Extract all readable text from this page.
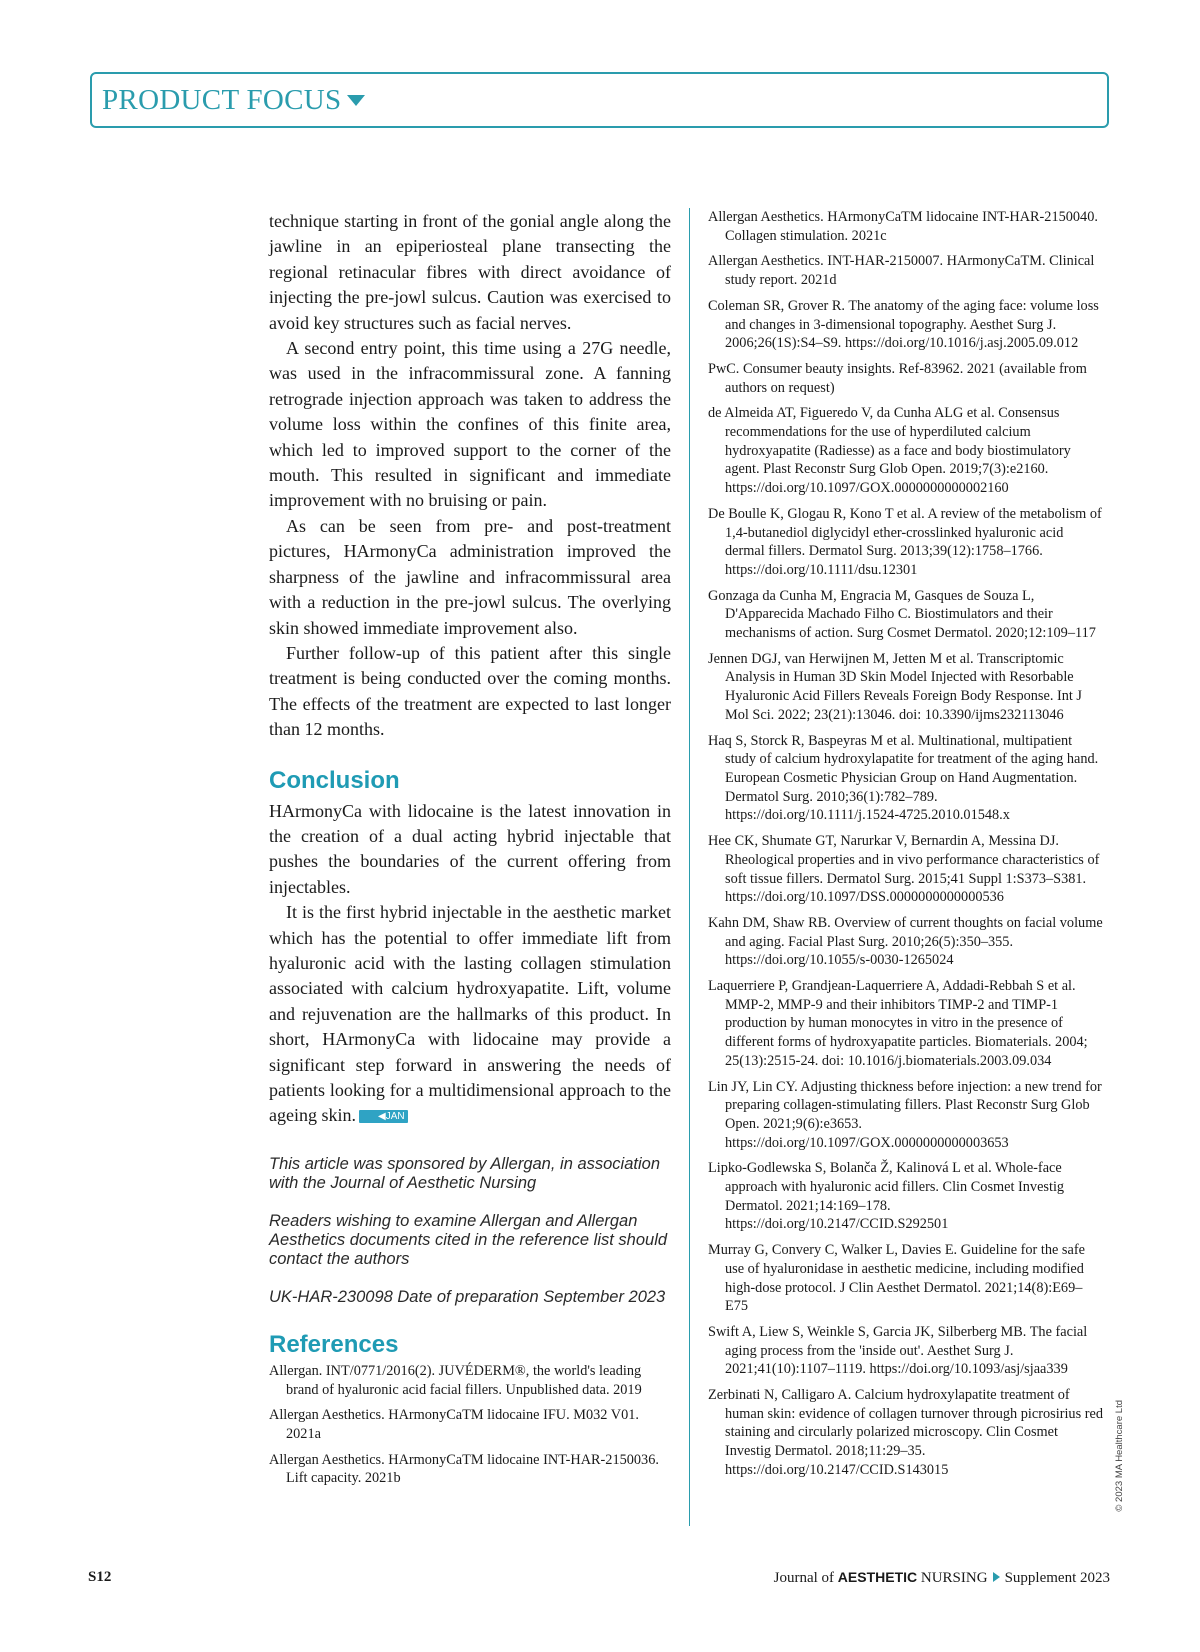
PRODUCT FOCUS

technique starting in front of the gonial angle along the jawline in an epiperiosteal plane transecting the regional retinacular fibres with direct avoidance of injecting the pre-jowl sulcus. Caution was exercised to avoid key structures such as facial nerves.

A second entry point, this time using a 27G needle, was used in the infracommissural zone. A fanning retrograde injection approach was taken to address the volume loss within the confines of this finite area, which led to improved support to the corner of the mouth. This resulted in significant and immediate improvement with no bruising or pain.

As can be seen from pre- and post-treatment pictures, HArmonyCa administration improved the sharpness of the jawline and infracommissural area with a reduction in the pre-jowl sulcus. The overlying skin showed immediate improvement also.

Further follow-up of this patient after this single treatment is being conducted over the coming months. The effects of the treatment are expected to last longer than 12 months.

Conclusion

HArmonyCa with lidocaine is the latest innovation in the creation of a dual acting hybrid injectable that pushes the boundaries of the current offering from injectables.

It is the first hybrid injectable in the aesthetic market which has the potential to offer immediate lift from hyaluronic acid with the lasting collagen stimulation associated with calcium hydroxyapatite. Lift, volume and rejuvenation are the hallmarks of this product. In short, HArmonyCa with lidocaine may provide a significant step forward in answering the needs of patients looking for a multidimensional approach to the ageing skin. ◀JAN

This article was sponsored by Allergan, in association with the Journal of Aesthetic Nursing

Readers wishing to examine Allergan and Allergan Aesthetics documents cited in the reference list should contact the authors

UK-HAR-230098 Date of preparation September 2023

References

Allergan. INT/0771/2016(2). JUVÉDERM®, the world's leading brand of hyaluronic acid facial fillers. Unpublished data. 2019

Allergan Aesthetics. HArmonyCaTM lidocaine IFU. M032 V01. 2021a

Allergan Aesthetics. HArmonyCaTM lidocaine INT-HAR-2150036. Lift capacity. 2021b

Allergan Aesthetics. HArmonyCaTM lidocaine INT-HAR-2150040. Collagen stimulation. 2021c

Allergan Aesthetics. INT-HAR-2150007. HArmonyCaTM. Clinical study report. 2021d

Coleman SR, Grover R. The anatomy of the aging face: volume loss and changes in 3-dimensional topography. Aesthet Surg J. 2006;26(1S):S4–S9. https://doi.org/10.1016/j.asj.2005.09.012

PwC. Consumer beauty insights. Ref-83962. 2021 (available from authors on request)

de Almeida AT, Figueredo V, da Cunha ALG et al. Consensus recommendations for the use of hyperdiluted calcium hydroxyapatite (Radiesse) as a face and body biostimulatory agent. Plast Reconstr Surg Glob Open. 2019;7(3):e2160. https://doi.org/10.1097/GOX.0000000000002160

De Boulle K, Glogau R, Kono T et al. A review of the metabolism of 1,4-butanediol diglycidyl ether-crosslinked hyaluronic acid dermal fillers. Dermatol Surg. 2013;39(12):1758–1766. https://doi.org/10.1111/dsu.12301

Gonzaga da Cunha M, Engracia M, Gasques de Souza L, D'Apparecida Machado Filho C. Biostimulators and their mechanisms of action. Surg Cosmet Dermatol. 2020;12:109–117

Jennen DGJ, van Herwijnen M, Jetten M et al. Transcriptomic Analysis in Human 3D Skin Model Injected with Resorbable Hyaluronic Acid Fillers Reveals Foreign Body Response. Int J Mol Sci. 2022; 23(21):13046. doi: 10.3390/ijms232113046

Haq S, Storck R, Baspeyras M et al. Multinational, multipatient study of calcium hydroxylapatite for treatment of the aging hand. European Cosmetic Physician Group on Hand Augmentation. Dermatol Surg. 2010;36(1):782–789. https://doi.org/10.1111/j.1524-4725.2010.01548.x

Hee CK, Shumate GT, Narurkar V, Bernardin A, Messina DJ. Rheological properties and in vivo performance characteristics of soft tissue fillers. Dermatol Surg. 2015;41 Suppl 1:S373–S381. https://doi.org/10.1097/DSS.0000000000000536

Kahn DM, Shaw RB. Overview of current thoughts on facial volume and aging. Facial Plast Surg. 2010;26(5):350–355. https://doi.org/10.1055/s-0030-1265024

Laquerriere P, Grandjean-Laquerriere A, Addadi-Rebbah S et al. MMP-2, MMP-9 and their inhibitors TIMP-2 and TIMP-1 production by human monocytes in vitro in the presence of different forms of hydroxyapatite particles. Biomaterials. 2004; 25(13):2515-24. doi: 10.1016/j.biomaterials.2003.09.034

Lin JY, Lin CY. Adjusting thickness before injection: a new trend for preparing collagen-stimulating fillers. Plast Reconstr Surg Glob Open. 2021;9(6):e3653. https://doi.org/10.1097/GOX.0000000000003653

Lipko-Godlewska S, Bolanča Ž, Kalinová L et al. Whole-face approach with hyaluronic acid fillers. Clin Cosmet Investig Dermatol. 2021;14:169–178. https://doi.org/10.2147/CCID.S292501

Murray G, Convery C, Walker L, Davies E. Guideline for the safe use of hyaluronidase in aesthetic medicine, including modified high-dose protocol. J Clin Aesthet Dermatol. 2021;14(8):E69–E75

Swift A, Liew S, Weinkle S, Garcia JK, Silberberg MB. The facial aging process from the 'inside out'. Aesthet Surg J. 2021;41(10):1107–1119. https://doi.org/10.1093/asj/sjaa339

Zerbinati N, Calligaro A. Calcium hydroxylapatite treatment of human skin: evidence of collagen turnover through picrosirius red staining and circularly polarized microscopy. Clin Cosmet Investig Dermatol. 2018;11:29–35. https://doi.org/10.2147/CCID.S143015	© 2023 MA Healthcare Ltd
S12	Journal of AESTHETIC NURSING Supplement 2023
